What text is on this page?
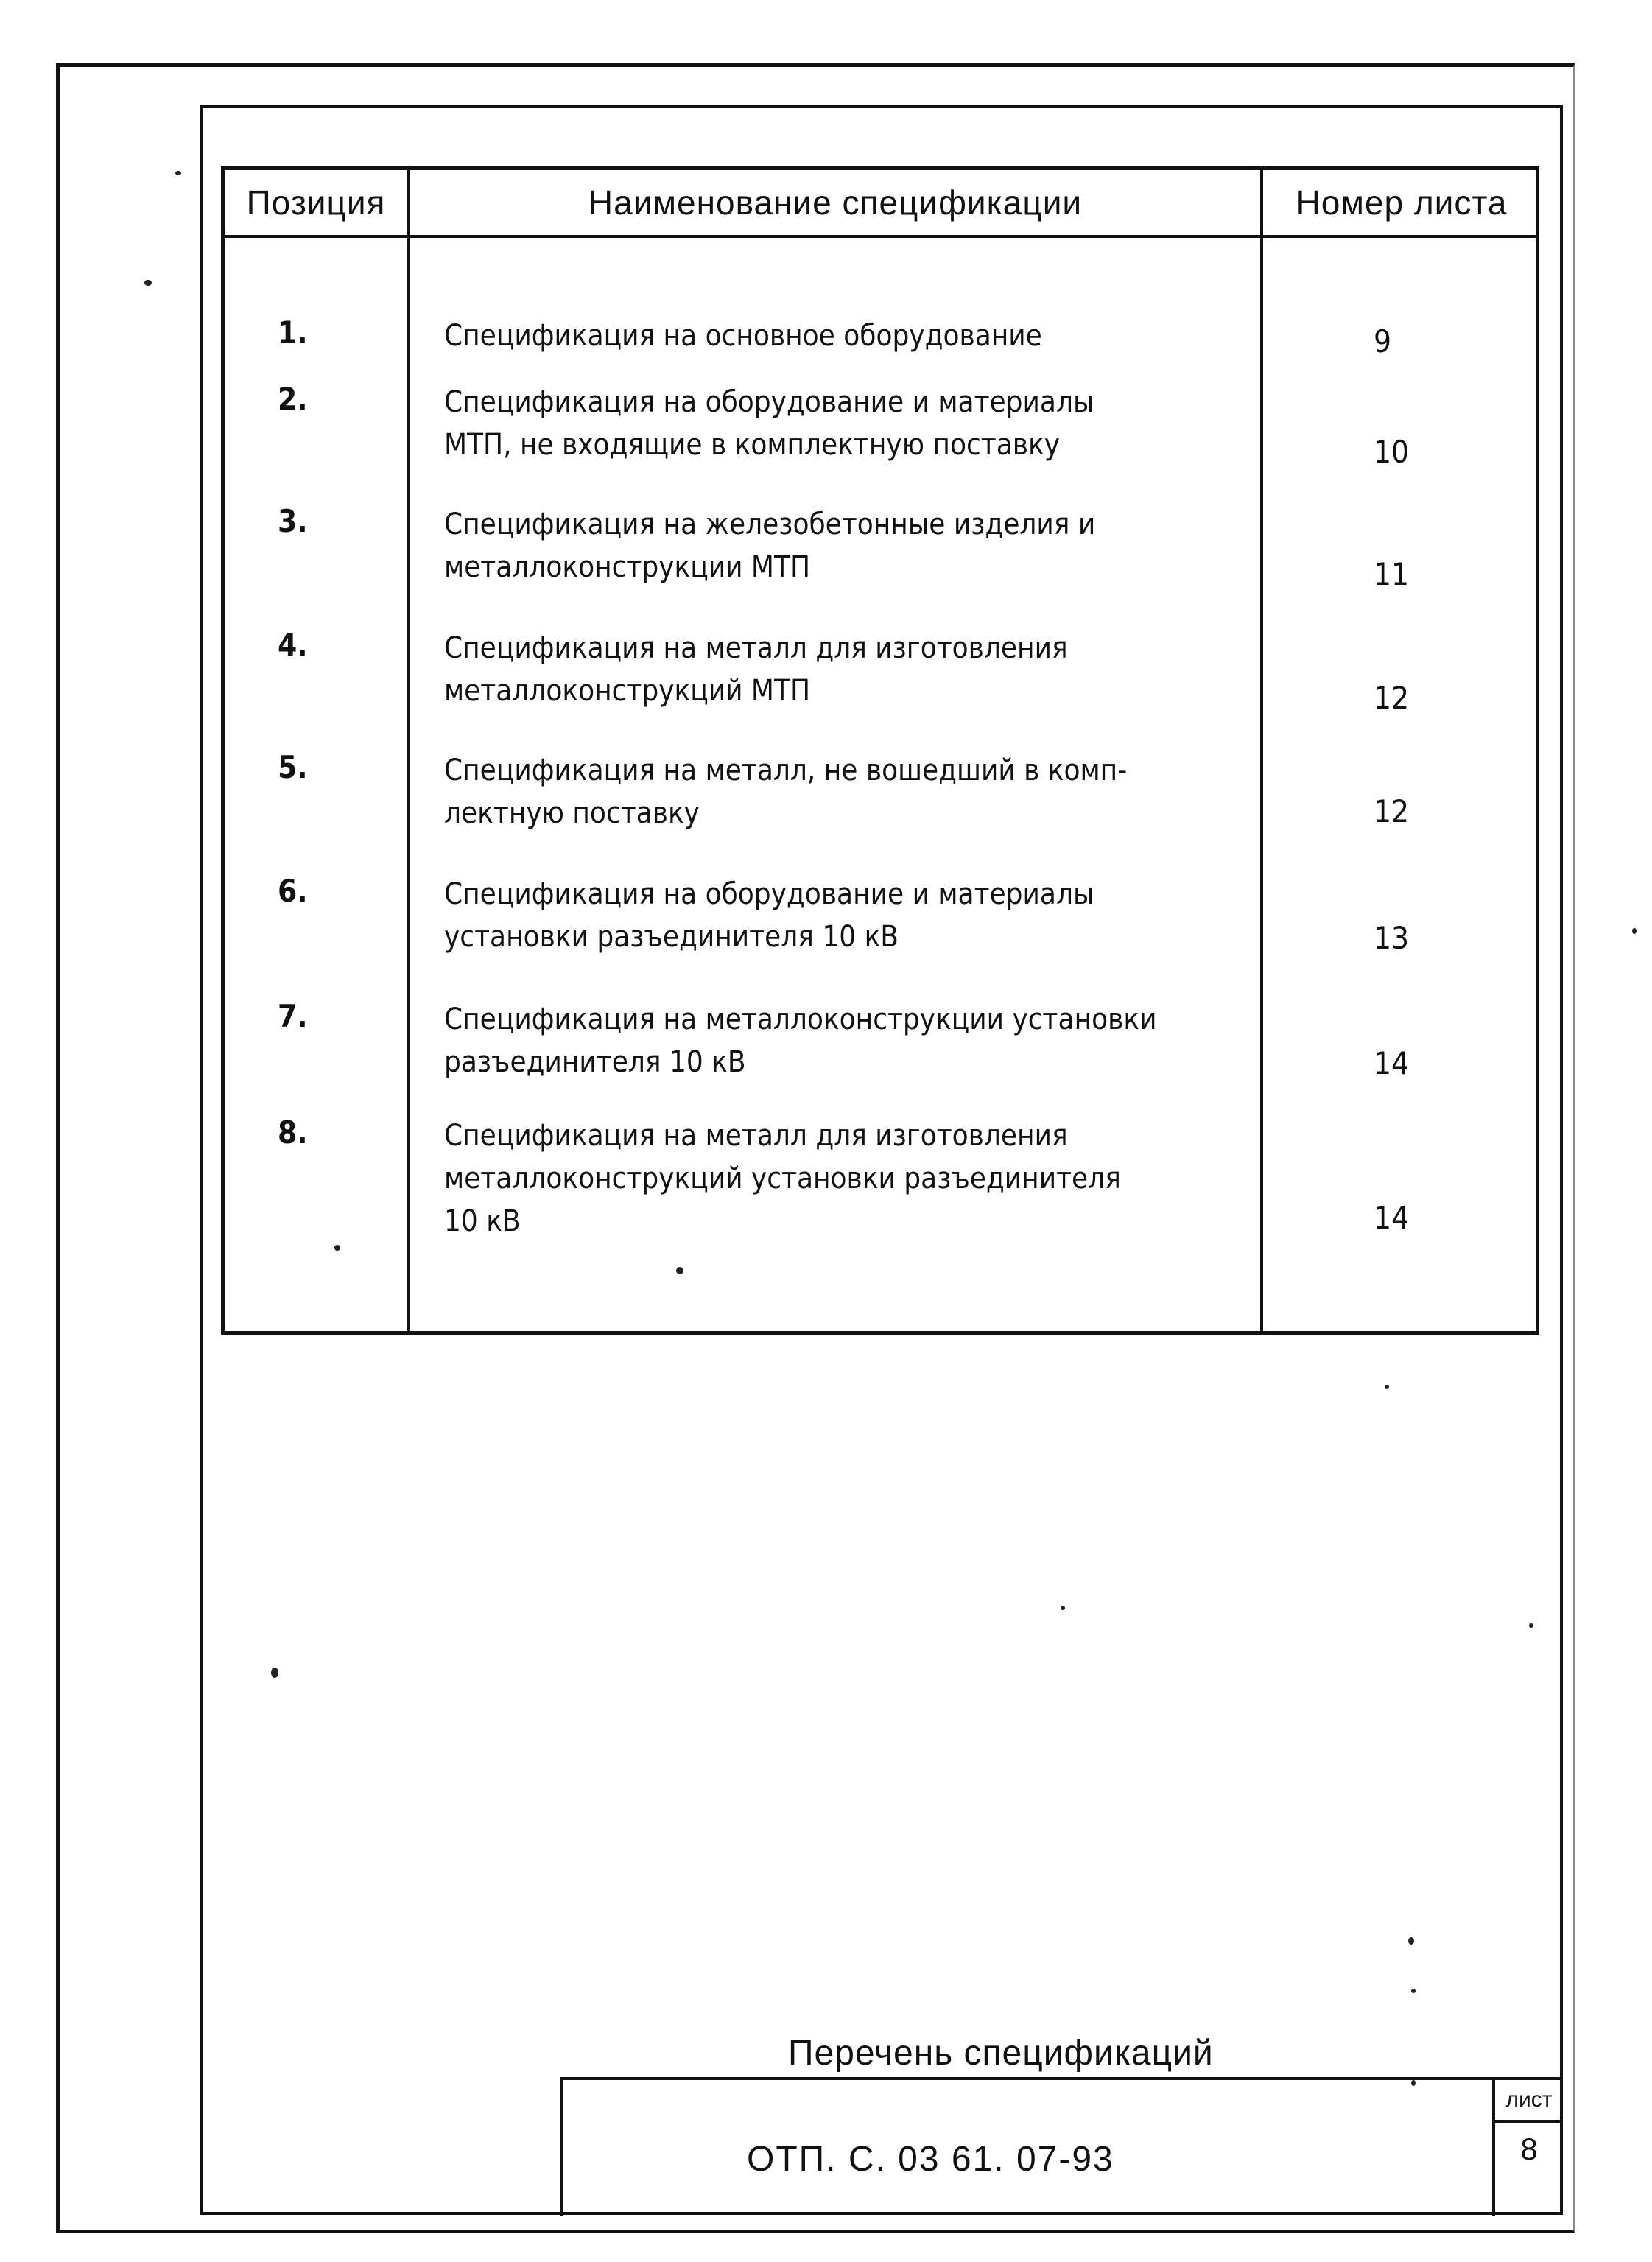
Позиция	Наименование спецификации	Номер листа
1.	Спецификация на основное оборудование	9
2.	Спецификация на оборудование и материалы
МТП, не входящие в комплектную поставку	10
3.	Спецификация на железобетонные изделия и
металлоконструкции МТП	11
4.	Спецификация на металл для изготовления
металлоконструкций МТП	12
5.	Спецификация на металл, не вошедший в комп-
лектную поставку	12
6.	Спецификация на оборудование и материалы
установки разъединителя 10 кВ	13
7.	Спецификация на металлоконструкции установки
разъединителя 10 кВ	14
8.	Спецификация на металл для изготовления
металлоконструкций установки разъединителя
10 кВ	14
Перечень спецификаций
ОТП. С. 03 61. 07-93
лист
8
